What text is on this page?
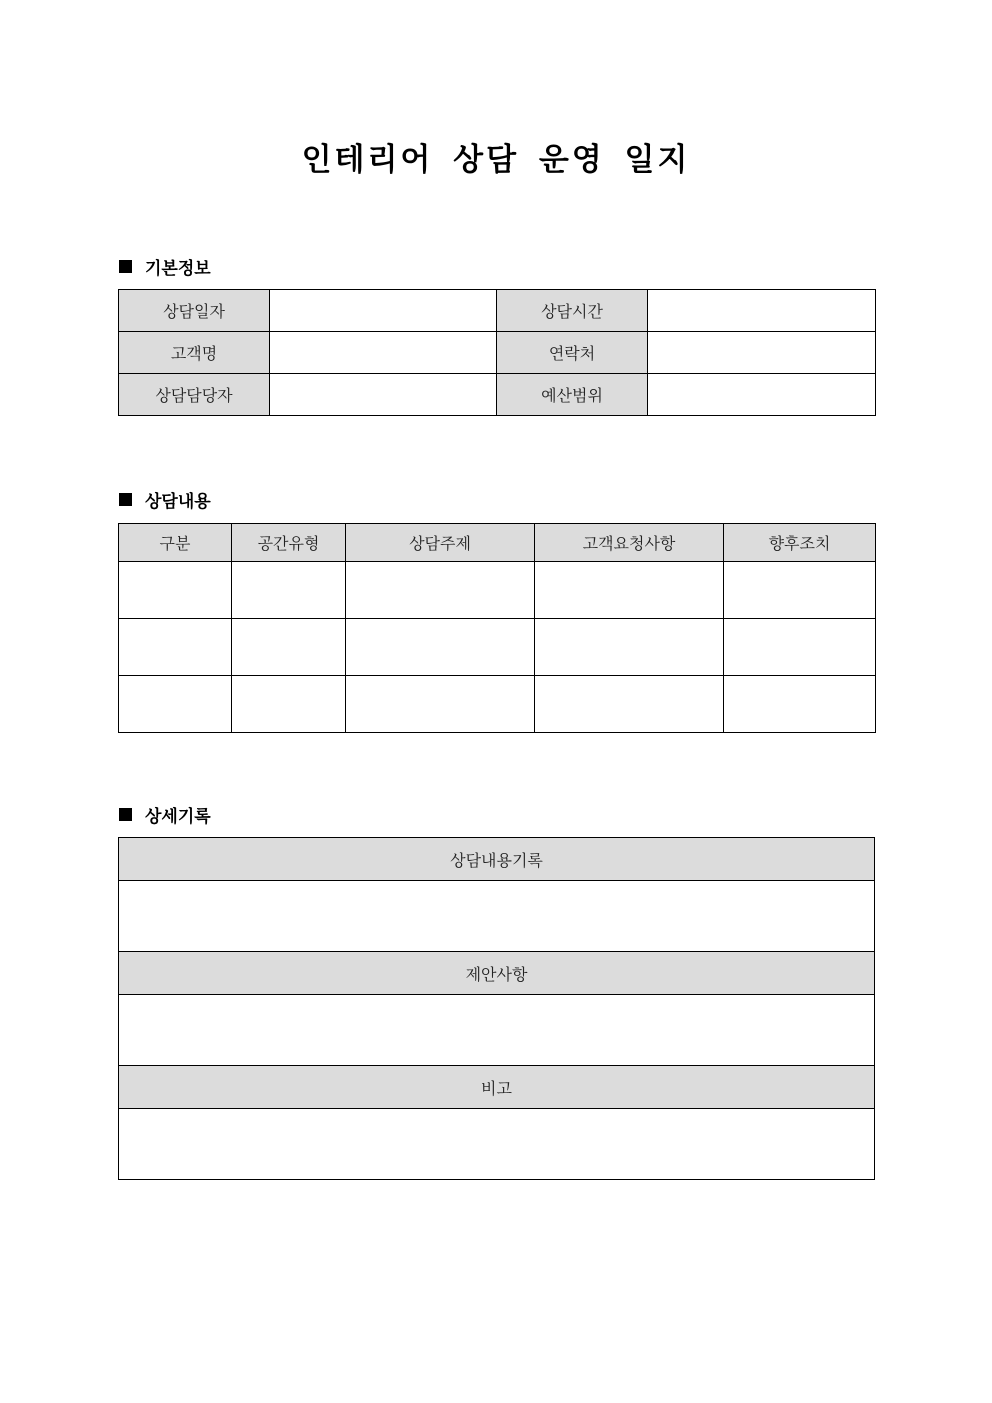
인테리어 상담 운영 일지
기본정보
상담일자		상담시간	
고객명		연락처	
상담담당자		예산범위	
상담내용
구분	공간유형	상담주제	고객요청사항	향후조치

상세기록
상담내용기록

제안사항

비고
